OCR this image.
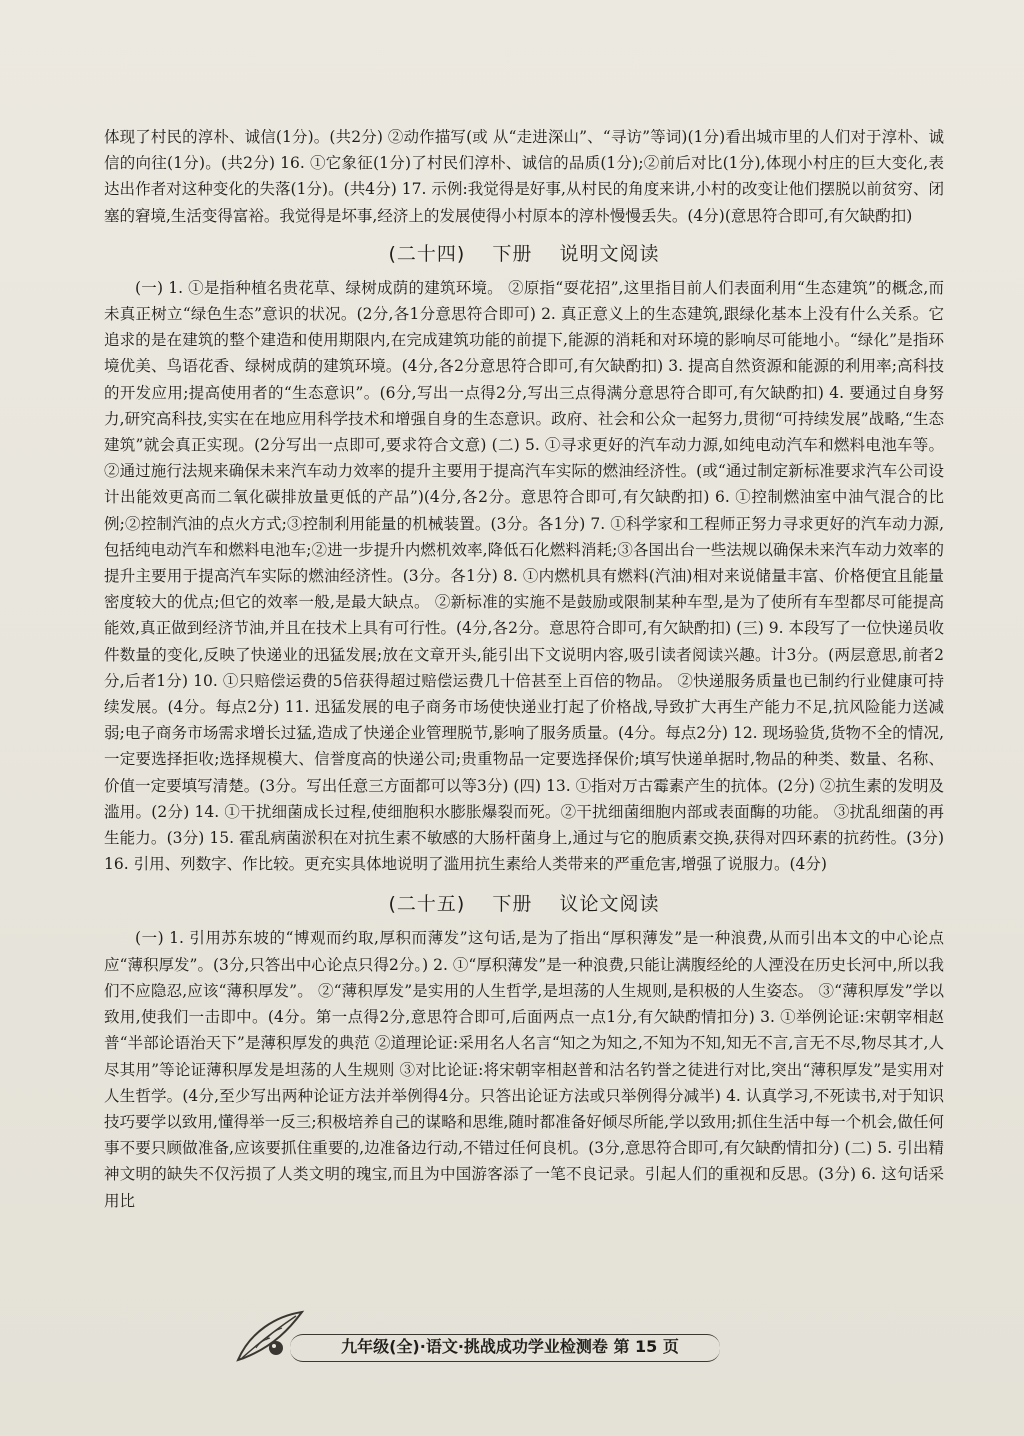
体现了村民的淳朴、诚信(1分)。(共2分) ②动作描写(或 从“走进深山”、“寻访”等词)(1分)看出城市里的人们对于淳朴、诚信的向往(1分)。(共2分) 16. ①它象征(1分)了村民们淳朴、诚信的品质(1分);②前后对比(1分),体现小村庄的巨大变化,表达出作者对这种变化的失落(1分)。(共4分) 17. 示例:我觉得是好事,从村民的角度来讲,小村的改变让他们摆脱以前贫穷、闭塞的窘境,生活变得富裕。我觉得是坏事,经济上的发展使得小村原本的淳朴慢慢丢失。(4分)(意思符合即可,有欠缺酌扣)

(二十四) 下册 说明文阅读

(一) 1. ①是指种植名贵花草、绿树成荫的建筑环境。 ②原指“耍花招”,这里指目前人们表面利用“生态建筑”的概念,而未真正树立“绿色生态”意识的状况。(2分,各1分意思符合即可) 2. 真正意义上的生态建筑,跟绿化基本上没有什么关系。它追求的是在建筑的整个建造和使用期限内,在完成建筑功能的前提下,能源的消耗和对环境的影响尽可能地小。“绿化”是指环境优美、鸟语花香、绿树成荫的建筑环境。(4分,各2分意思符合即可,有欠缺酌扣) 3. 提高自然资源和能源的利用率;高科技的开发应用;提高使用者的“生态意识”。(6分,写出一点得2分,写出三点得满分意思符合即可,有欠缺酌扣) 4. 要通过自身努力,研究高科技,实实在在地应用科学技术和增强自身的生态意识。政府、社会和公众一起努力,贯彻“可持续发展”战略,“生态建筑”就会真正实现。(2分写出一点即可,要求符合文意) (二) 5. ①寻求更好的汽车动力源,如纯电动汽车和燃料电池车等。 ②通过施行法规来确保未来汽车动力效率的提升主要用于提高汽车实际的燃油经济性。(或“通过制定新标准要求汽车公司设计出能效更高而二氧化碳排放量更低的产品”)(4分,各2分。意思符合即可,有欠缺酌扣) 6. ①控制燃油室中油气混合的比例;②控制汽油的点火方式;③控制利用能量的机械装置。(3分。各1分) 7. ①科学家和工程师正努力寻求更好的汽车动力源,包括纯电动汽车和燃料电池车;②进一步提升内燃机效率,降低石化燃料消耗;③各国出台一些法规以确保未来汽车动力效率的提升主要用于提高汽车实际的燃油经济性。(3分。各1分) 8. ①内燃机具有燃料(汽油)相对来说储量丰富、价格便宜且能量密度较大的优点;但它的效率一般,是最大缺点。 ②新标准的实施不是鼓励或限制某种车型,是为了使所有车型都尽可能提高能效,真正做到经济节油,并且在技术上具有可行性。(4分,各2分。意思符合即可,有欠缺酌扣) (三) 9. 本段写了一位快递员收件数量的变化,反映了快递业的迅猛发展;放在文章开头,能引出下文说明内容,吸引读者阅读兴趣。计3分。(两层意思,前者2分,后者1分) 10. ①只赔偿运费的5倍获得超过赔偿运费几十倍甚至上百倍的物品。 ②快递服务质量也已制约行业健康可持续发展。(4分。每点2分) 11. 迅猛发展的电子商务市场使快递业打起了价格战,导致扩大再生产能力不足,抗风险能力送减弱;电子商务市场需求增长过猛,造成了快递企业管理脱节,影响了服务质量。(4分。每点2分) 12. 现场验货,货物不全的情况,一定要选择拒收;选择规模大、信誉度高的快递公司;贵重物品一定要选择保价;填写快递单据时,物品的种类、数量、名称、价值一定要填写清楚。(3分。写出任意三方面都可以等3分) (四) 13. ①指对万古霉素产生的抗体。(2分) ②抗生素的发明及滥用。(2分) 14. ①干扰细菌成长过程,使细胞积水膨胀爆裂而死。②干扰细菌细胞内部或表面酶的功能。 ③扰乱细菌的再生能力。(3分) 15. 霍乱病菌淤积在对抗生素不敏感的大肠杆菌身上,通过与它的胞质素交换,获得对四环素的抗药性。(3分) 16. 引用、列数字、作比较。更充实具体地说明了滥用抗生素给人类带来的严重危害,增强了说服力。(4分)

(二十五) 下册 议论文阅读

(一) 1. 引用苏东坡的“博观而约取,厚积而薄发”这句话,是为了指出“厚积薄发”是一种浪费,从而引出本文的中心论点应“薄积厚发”。(3分,只答出中心论点只得2分。) 2. ①“厚积薄发”是一种浪费,只能让满腹经纶的人湮没在历史长河中,所以我们不应隐忍,应该“薄积厚发”。 ②“薄积厚发”是实用的人生哲学,是坦荡的人生规则,是积极的人生姿态。 ③“薄积厚发”学以致用,使我们一击即中。(4分。第一点得2分,意思符合即可,后面两点一点1分,有欠缺酌情扣分) 3. ①举例论证:宋朝宰相赵普“半部论语治天下”是薄积厚发的典范 ②道理论证:采用名人名言“知之为知之,不知为不知,知无不言,言无不尽,物尽其才,人尽其用”等论证薄积厚发是坦荡的人生规则 ③对比论证:将宋朝宰相赵普和沽名钓誉之徒进行对比,突出“薄积厚发”是实用对人生哲学。(4分,至少写出两种论证方法并举例得4分。只答出论证方法或只举例得分减半) 4. 认真学习,不死读书,对于知识技巧要学以致用,懂得举一反三;积极培养自己的谋略和思维,随时都准备好倾尽所能,学以致用;抓住生活中每一个机会,做任何事不要只顾做准备,应该要抓住重要的,边准备边行动,不错过任何良机。(3分,意思符合即可,有欠缺酌情扣分) (二) 5. 引出精神文明的缺失不仅污损了人类文明的瑰宝,而且为中国游客添了一笔不良记录。引起人们的重视和反思。(3分) 6. 这句话采用比

九年级(全)·语文·挑战成功学业检测卷 第 15 页
